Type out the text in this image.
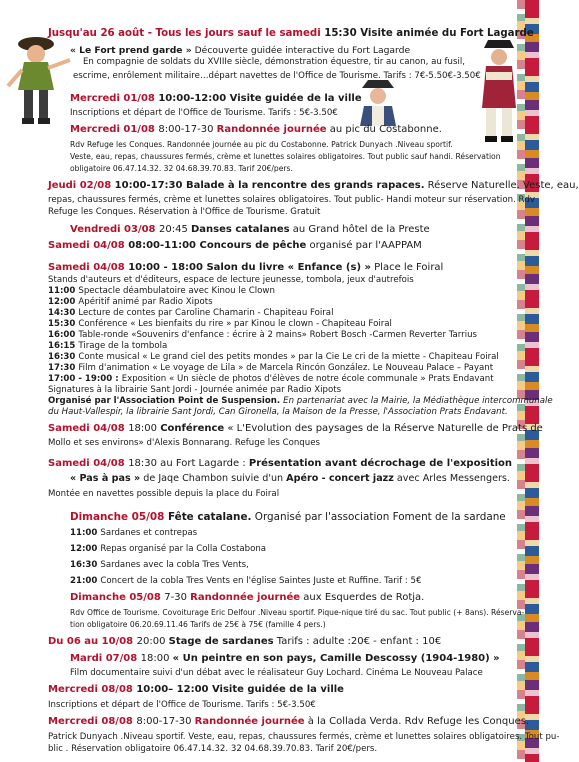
Jusqu'au 26 août - Tous les jours sauf le samedi 15:30 Visite animée du Fort Lagarde
« Le Fort prend garde » Découverte guidée interactive du Fort Lagarde
En compagnie de soldats du XVIIIe siècle, démonstration équestre, tir au canon, au fusil,
escrime, enrôlement militaire…départ navettes de l'Office de Tourisme. Tarifs : 7€-5.50€-3.50€
Mercredi 01/08 10:00-12:00 Visite guidée de la ville
Inscriptions et départ de l'Office de Tourisme. Tarifs : 5€-3.50€
Mercredi 01/08 8:00-17-30 Randonnée journée au pic du Costabonne.
Rdv Refuge les Conques. Randonnée journée au pic du Costabonne. Patrick Dunyach .Niveau sportif.
Veste, eau, repas, chaussures fermés, crème et lunettes solaires obligatoires. Tout public sauf handi. Réservation
obligatoire 06.47.14.32. 32 04.68.39.70.83. Tarif 20€/pers.
Jeudi 02/08 10:00-17:30 Balade à la rencontre des grands rapaces. Réserve Naturelle. Veste, eau,
repas, chaussures fermés, crème et lunettes solaires obligatoires. Tout public- Handi moteur sur réservation. Rdv
Refuge les Conques. Réservation à l'Office de Tourisme. Gratuit
Vendredi 03/08 20:45 Danses catalanes au Grand hôtel de la Preste
Samedi 04/08 08:00-11:00 Concours de pêche organisé par l'AAPPAM
Samedi 04/08 10:00 - 18:00 Salon du livre « Enfance (s) » Place le Foiral
Stands d'auteurs et d'éditeurs, espace de lecture jeunesse, tombola, jeux d'autrefois
11:00 Spectacle déambulatoire avec Kinou le Clown
12:00 Apéritif animé par Radio Xipots
14:30 Lecture de contes par Caroline Chamarin - Chapiteau Foiral
15:30 Conférence « Les bienfaits du rire » par Kinou le clown - Chapiteau Foiral
16:00 Table-ronde «Souvenirs d'enfance : écrire à 2 mains» Robert Bosch -Carmen Reverter Tarrius
16:15 Tirage de la tombola
16:30 Conte musical « Le grand ciel des petits mondes » par la Cie Le cri de la miette - Chapiteau Foiral
17:30 Film d'animation « Le voyage de Lila » de Marcela Rincón González. Le Nouveau Palace – Payant
17:00 - 19:00 : Exposition « Un siècle de photos d'élèves de notre école communale » Prats Endavant
Signatures à la librairie Sant Jordi - Journée animée par Radio Xipots
Organisé par l'Association Point de Suspension. En partenariat avec la Mairie, la Médiathèque intercommunale
du Haut-Vallespir, la librairie Sant Jordi, Can Gironella, la Maison de la Presse, l'Association Prats Endavant.
Samedi 04/08 18:00 Conférence « L'Evolution des paysages de la Réserve Naturelle de Prats de
Mollo et ses environs» d'Alexis Bonnarang. Refuge les Conques
Samedi 04/08 18:30 au Fort Lagarde : Présentation avant décrochage de l'exposition
« Pas à pas » de Jaqe Chambon suivie d'un Apéro - concert jazz avec Arles Messengers.
Montée en navettes possible depuis la place du Foiral
Dimanche 05/08 Fête catalane. Organisé par l'association Foment de la sardane
11:00 Sardanes et contrepas
12:00 Repas organisé par la Colla Costabona
16:30 Sardanes avec la cobla Tres Vents,
21:00 Concert de la cobla Tres Vents en l'église Saintes Juste et Ruffine. Tarif : 5€
Dimanche 05/08 7-30 Randonnée journée aux Esquerdes de Rotja.
Rdv Office de Tourisme. Covoiturage Eric Delfour .Niveau sportif. Pique-nique tiré du sac. Tout public (+ 8ans). Réserva-
tion obligatoire 06.20.69.11.46 Tarifs de 25€ à 75€ (famille 4 pers.)
Du 06 au 10/08 20:00 Stage de sardanes Tarifs : adulte :20€ - enfant : 10€
Mardi 07/08 18:00 « Un peintre en son pays, Camille Descossy (1904-1980) »
Film documentaire suivi d'un débat avec le réalisateur Guy Lochard. Cinéma Le Nouveau Palace
Mercredi 08/08 10:00– 12:00 Visite guidée de la ville
Inscriptions et départ de l'Office de Tourisme. Tarifs : 5€-3.50€
Mercredi 08/08 8:00-17-30 Randonnée journée à la Collada Verda. Rdv Refuge les Conques.
Patrick Dunyach .Niveau sportif. Veste, eau, repas, chaussures fermés, crème et lunettes solaires obligatoires. Tout pu-
blic . Réservation obligatoire 06.47.14.32. 32 04.68.39.70.83. Tarif 20€/pers.
